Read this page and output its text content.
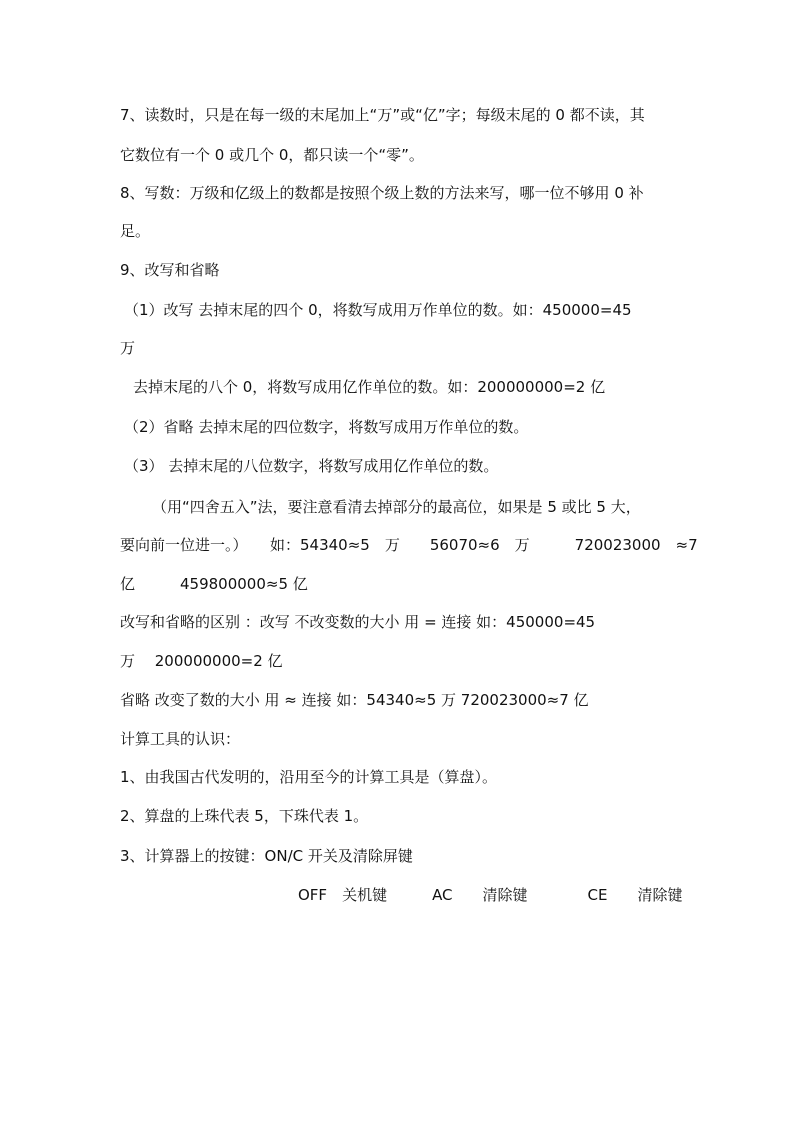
7、读数时，只是在每一级的末尾加上“万”或“亿”字；每级末尾的 0 都不读，其
它数位有一个 0 或几个 0，都只读一个“零”。
8、写数：万级和亿级上的数都是按照个级上数的方法来写，哪一位不够用 0 补
足。
9、改写和省略
（1）改写 去掉末尾的四个 0，将数写成用万作单位的数。如：450000=45
万
去掉末尾的八个 0，将数写成用亿作单位的数。如：200000000=2 亿
（2）省略 去掉末尾的四位数字，将数写成用万作单位的数。
（3） 去掉末尾的八位数字，将数写成用亿作单位的数。
（用“四舍五入”法，要注意看清去掉部分的最高位，如果是 5 或比 5 大，
要向前一位进一。）　　如：54340≈5　万　　56070≈6　万　　　720023000　≈7
亿　　　459800000≈5 亿
改写和省略的区别 ：改写 不改变数的大小 用 = 连接 如：450000=45
万　 200000000=2 亿
省略 改变了数的大小 用 ≈ 连接 如：54340≈5 万 720023000≈7 亿
计算工具的认识：
1、由我国古代发明的，沿用至今的计算工具是（算盘）。
2、算盘的上珠代表 5，下珠代表 1。
3、计算器上的按键：ON/C 开关及清除屏键
OFF　关机键　　　AC　　清除键　　　　CE　　清除键
